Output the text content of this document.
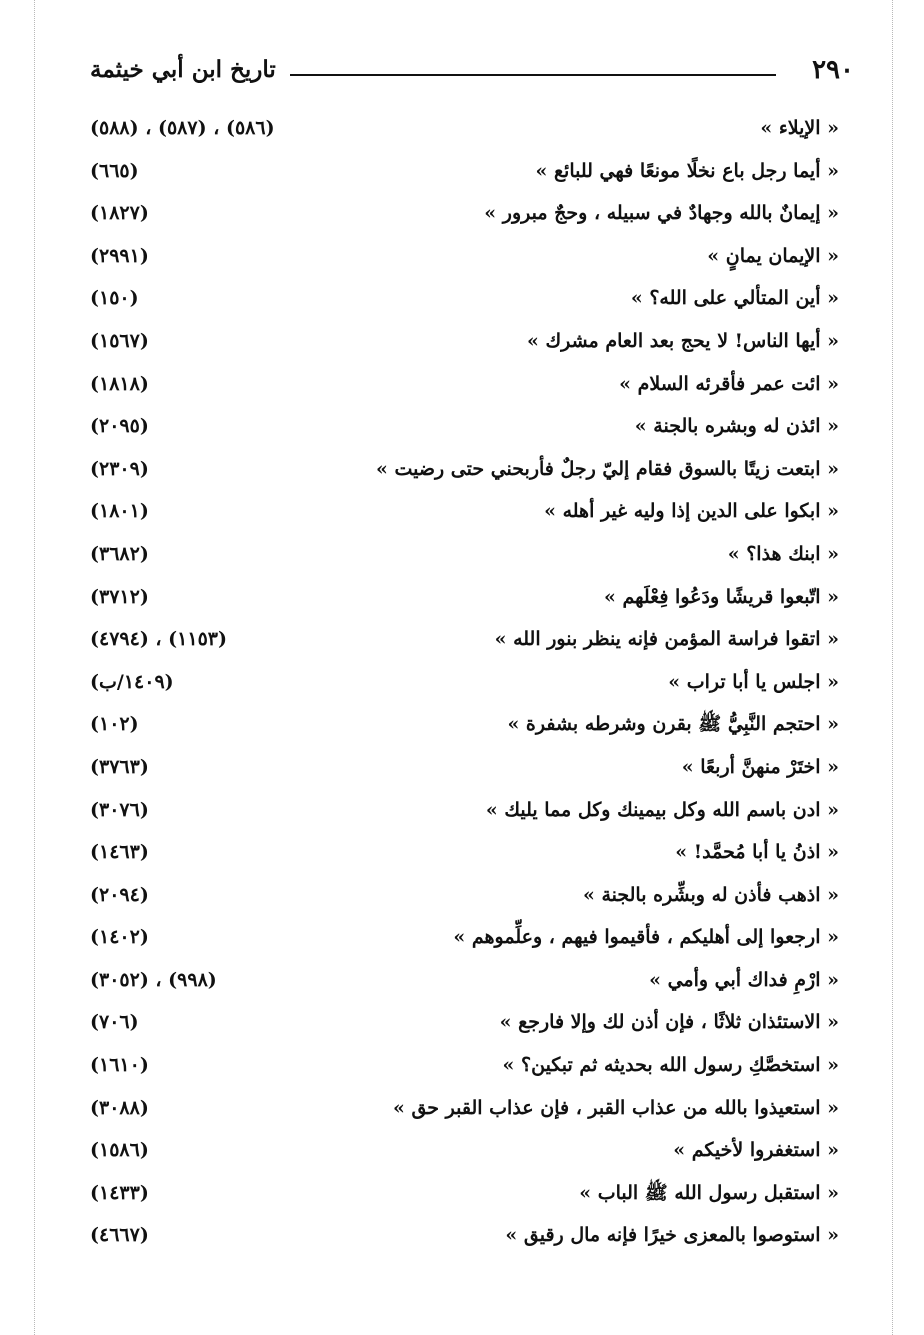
٢٩٠
تاريخ ابن أبي خيثمة
« الإيلاء »
(٥٨٦) ، (٥٨٧) ، (٥٨٨)
« أيما رجل باع نخلًا مونعًا فهي للبائع »
(٦٦٥)
« إيمانٌ بالله وجهادٌ في سبيله ، وحجٌ مبرور »
(١٨٢٧)
« الإيمان يمانٍ »
(٢٩٩١)
« أين المتألي على الله؟ »
(١٥٠)
« أيها الناس! لا يحج بعد العام مشرك »
(١٥٦٧)
« ائت عمر فأقرئه السلام »
(١٨١٨)
« ائذن له وبشره بالجنة »
(٢٠٩٥)
« ابتعت زيتًا بالسوق فقام إليّ رجلٌ فأربحني حتى رضيت »
(٢٣٠٩)
« ابكوا على الدين إذا وليه غير أهله »
(١٨٠١)
« ابنك هذا؟ »
(٣٦٨٢)
« اتّبعوا قريشًا ودَعُوا فِعْلَهم »
(٣٧١٢)
« اتقوا فراسة المؤمن فإنه ينظر بنور الله »
(١١٥٣) ، (٤٧٩٤)
« اجلس يا أبا تراب »
(١٤٠٩/ب)
« احتجم النَّبِيُّ ﷺ بقرن وشرطه بشفرة »
(١٠٢)
« اختَرْ منهنَّ أربعًا »
(٣٧٦٣)
« ادن باسم الله وكل بيمينك وكل مما يليك »
(٣٠٧٦)
« اذنُ يا أبا مُحمَّد! »
(١٤٦٣)
« اذهب فأذن له وبشِّره بالجنة »
(٢٠٩٤)
« ارجعوا إلى أهليكم ، فأقيموا فيهم ، وعلِّموهم »
(١٤٠٢)
« ارْمِ فداك أبي وأمي »
(٩٩٨) ، (٣٠٥٢)
« الاستئذان ثلاثًا ، فإن أذن لك وإلا فارجع »
(٧٠٦)
« استخصَّكِ رسول الله بحديثه ثم تبكين؟ »
(١٦١٠)
« استعيذوا بالله من عذاب القبر ، فإن عذاب القبر حق »
(٣٠٨٨)
« استغفروا لأخيكم »
(١٥٨٦)
« استقبل رسول الله ﷺ الباب »
(١٤٣٣)
« استوصوا بالمعزى خيرًا فإنه مال رقيق »
(٤٦٦٧)
